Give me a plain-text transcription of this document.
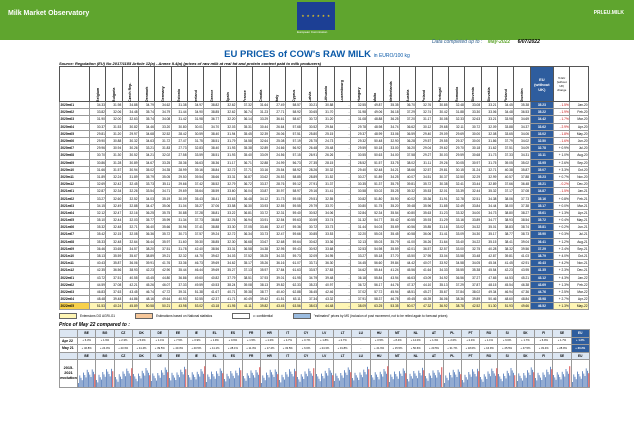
Milk Market Observatory	★ ★ ★ ★ ★ ★
European Commission
PRI.EU.MILK
Data completed up to : May-2022 6/07/2022
EU PRICES of COW's RAW MILK in EURO/100 kg
Source: Regulation (EU) No 2017/1185 Article 12(a) - Annex II.4(a) (prices of raw milk at real fat and protein content paid to milk producers)
	Belgium	Bulgaria	Czech Rep.	Denmark	Germany	Estonia	Ireland	Greece	Spain	France	Croatia	Italy	Cyprus	Latvia	Lithuania	Luxembourg	Hungary	Malta	Netherlands	Austria	Poland	Portugal	Romania	Slovenia	Slovakia	Finland	Sweden	EU
(without
UK)	% EU
(without
UK)
change	
2020m01	34.33	31.98	34.88	34.79	34.62	31.38	34.97	38.82	32.62	37.32	31.64	27.49	58.57	30.21	30.88	-	32.55	49.87	35.35	36.70	32.76	30.85	32.48	33.08	33.21	34.45	35.38	35.23	- 1.5%	Jan-20
2020m02	33.82	32.06	34.48	35.74	34.79	31.44	34.90	38.85	32.62	36.74	31.23	27.71	58.92	30.65	31.70	-	31.98	49.06	36.18	37.29	32.74	30.42	31.88	33.30	33.06	34.48	36.53	35.22	- 1.9%	Feb-20
2020m03	31.90	32.00	32.63	35.74	34.08	31.42	31.98	36.77	32.20	36.14	33.29	36.61	58.67	30.72	31.20	-	31.08	48.88	36.25	37.20	31.17	30.08	32.33	32.63	33.21	33.98	34.69	34.42	- 1.7%	Mar-20
2020m04	30.37	31.53	30.82	34.46	33.20	30.80	30.01	34.70	32.03	35.31	30.44	26.64	57.68	30.52	29.84	-	29.78	48.98	34.74	36.62	30.12	29.68	32.11	30.72	32.09	33.88	34.37	33.62	- 2.9%	Apr-20
2020m05	29.81	31.20	29.97	34.68	32.52	28.42	30.59	38.40	31.94	35.45	32.39	26.06	57.51	25.80	25.15	-	29.37	48.99	33.06	36.59	29.40	29.09	29.69	30.00	32.08	33.65	34.06	33.02	- 1.8%	May-20
2020m06	29.90	30.88	30.32	34.63	31.72	27.47	31.75	38.51	31.79	34.58	32.64	25.08	57.19	25.75	24.73	-	29.32	50.48	32.90	36.28	29.57	29.55	29.37	30.00	31.86	37.79	34.02	32.50	- 1.6%	Jun-20
2020m07	29.96	30.94	30.26	33.21	31.83	27.73	32.83	38.40	31.93	35.38	32.89	24.66	56.92	26.48	25.48	-	29.59	50.18	33.00	36.20	29.04	29.62	29.70	30.18	31.62	37.51	34.09	32.78	+ 0.9%	Jul-20
2020m08	30.70	31.30	30.52	34.21	32.02	27.58	33.59	38.51	31.93	35.40	33.09	24.56	57.15	26.91	26.26	-	30.55	50.63	34.00	37.58	29.27	30.03	29.59	30.68	31.73	37.33	34.31	33.11	+ 1.0%	Aug-20
2020m09	30.86	31.28	30.89	34.67	33.25	28.36	36.63	38.36	31.17	36.71	32.88	24.99	56.73	27.35	28.15	-	28.52	51.57	33.75	38.02	31.11	29.26	30.05	30.97	31.75	39.05	35.02	33.95	+ 2.6%	Sep-20
2020m10	31.66	31.57	30.94	35.02	34.35	28.99	39.16	38.84	32.72	37.71	33.16	25.54	58.92	28.26	30.32	-	29.40	52.48	34.21	38.66	32.57	29.81	30.15	31.24	32.71	40.38	35.87	35.07	+ 3.3%	Oct-20
2020m11	31.89	32.24	31.89	35.79	35.05	29.50	39.54	38.66	33.31	36.87	33.62	26.53	58.85	28.89	31.52	-	30.27	51.89	34.25	40.07	34.51	30.37	32.50	32.29	32.99	40.57	37.88	35.23	+ 0.7%	Nov-20
2020m12	32.69	32.42	32.45	33.73	35.11	29.66	37.42	38.52	32.79	36.72	33.37	28.76	59.12	27.91	31.37	-	30.35	51.37	35.75	39.81	35.72	30.38	32.41	33.44	32.89	37.66	36.48	35.21	- 0.2%	Dec-20
2021m01	32.87	32.34	32.26	33.54	34.71	29.69	35.64	38.59	33.60	36.04	33.87	30.97	58.97	29.16	31.41	-	30.58	53.02	35.25	39.32	35.53	32.01	33.39	32.44	35.32	37.17	37.08	34.87	- 1.5%	Jan-21
2021m02	33.27	32.60	32.52	34.03	35.19	30.09	35.43	38.41	33.63	36.48	34.12	31.73	59.08	29.51	32.55	-	30.82	51.80	35.90	40.02	35.36	31.91	32.78	32.51	34.38	38.06	37.73	35.16	+ 0.8%	Feb-21
2021m03	34.15	32.49	32.88	34.47	35.06	31.04	35.27	37.06	33.58	36.30	33.93	32.55	59.55	29.79	33.70	-	30.80	51.75	35.20	39.48	35.96	31.85	32.49	33.84	34.44	38.00	37.38	35.17	+ 0.0%	Mar-21
2021m04	32.12	32.47	32.16	36.25	35.75	30.88	37.28	38.81	33.22	36.81	33.72	32.31	59.40	30.52	34.06	-	32.84	52.34	35.54	40.80	35.63	31.23	33.32	34.00	34.73	38.80	38.27	35.61	+ 1.3%	Apr-21
2021m05	35.10	32.44	32.03	35.77	35.99	31.34	37.73	38.88	32.76	36.94	33.91	32.54	59.63	30.59	33.74	-	31.32	54.77	35.42	40.55	35.93	31.29	33.16	33.89	34.77	38.93	38.54	35.72	+ 0.4%	May-21
2021m06	35.32	32.48	32.71	36.40	35.66	30.96	37.41	38.88	33.30	37.05	33.46	32.47	59.36	30.72	33.73	-	31.44	54.03	35.69	40.56	35.85	31.16	33.02	34.32	35.01	38.83	38.74	35.81	+ 0.2%	Jun-21
2021m07	35.42	32.15	32.08	36.36	35.72	30.73	37.57	39.24	32.72	36.34	33.73	32.47	59.66	30.85	33.53	-	32.20	55.03	35.45	40.58	36.06	31.41	33.09	34.30	35.17	38.77	38.73	35.90	+ 0.3%	Jul-21
2021m08	35.33	32.48	32.64	36.44	35.97	31.60	39.30	38.85	32.30	36.68	33.67	32.68	59.64	30.62	33.36	-	32.13	55.03	35.79	41.00	36.26	31.64	33.40	34.22	35.15	38.41	39.04	36.41	+ 1.2%	Aug-21
2021m09	36.46	33.65	34.57	38.20	37.51	31.78	42.40	38.56	33.31	36.58	34.38	32.95	59.43	30.92	33.68	-	32.53	54.98	35.59	42.01	36.57	32.57	33.00	32.75	40.28	38.32	39.56	37.29	+ 2.4%	Sep-21
2021m10	38.13	35.59	35.67	38.89	39.21	32.32	44.70	39.62	34.03	37.52	35.25	34.33	59.73	32.09	34.95	-	33.27	55.18	37.70	43.50	37.95	33.04	33.58	33.48	42.87	39.81	41.03	38.79	+ 4.0%	Oct-21
2021m11	40.43	35.87	36.06	39.91	41.76	33.36	46.73	39.69	34.62	35.17	35.26	36.16	61.07	33.71	36.30	-	34.45	56.60	39.84	44.42	40.07	33.92	34.58	34.05	45.04	41.45	42.91	40.43	+ 4.2%	Nov-21
2021m12	42.35	36.56	38.93	42.23	42.90	35.44	46.44	39.69	35.27	37.13	35.97	37.84	61.63	33.57	37.83	-	34.62	55.44	41.24	45.56	41.64	34.33	35.55	35.38	45.54	42.23	43.95	41.35	+ 2.3%	Dec-21
2022m01	43.72	37.51	40.55	43.45	44.80	36.86	49.60	40.82	37.79	38.51	37.93	39.01	61.95	34.79	39.48	-	36.18	55.84	43.94	46.63	43.09	34.92	36.56	37.27	47.65	44.53	45.21	43.12	+ 4.3%	Jan-22
2022m02	44.59	37.08	42.21	45.26	46.07	37.33	49.59	40.53	38.24	39.08	38.13	39.82	62.33	35.23	40.97	-	36.72	56.17	44.76	47.37	44.10	35.13	37.29	37.87	48.15	45.54	46.38	43.69	+ 1.3%	Feb-22
2022m03	46.83	37.63	43.45	46.74	47.72	39.31	51.38	41.67	40.71	39.38	38.77	40.40	62.88	36.45	42.46	-	37.02	57.72	45.94	48.51	45.27	35.67	37.84	38.02	49.34	46.94	47.36	44.76	+ 2.5%	Mar-22
2022m04	48.48	39.48	44.86	48.16	49.64	40.93	52.55	42.37	41.71	40.49	39.42	41.51	63.11	37.34	43.32	-	37.91	58.37	46.78	49.45	46.39	36.06	38.36	39.89	50.46	48.60	48.84	45.98	+ 2.7%	Apr-22
2022m05	51.53	40.24	45.89	50.58	50.21	43.98	53.02	43.18	41.95	41.11	39.82	43.45	63.56	38.03	44.48	-	38.09	63.25	53.35	50.07	47.32	36.92	38.78	42.52	51.30	51.93	49.66	46.52	+ 1.3%	May-22
Extensions DG AGRI-G1	Estimations based on National statistics	c: confidential	"estimated" prices by MS (inclusion of post movement, not to be relied again to forecast prices)
Price of May 22 compared to :
	BE	BG	CZ	DK	DE	EE	IE	EL	ES	FR	HR	IT	CY	LV	LT	LU	HU	MT	NL	AT	PL	PT	RO	SI	SK	FI	SE	EU
Apr 22	+ 6.3%	+ 1.9%	+ 2.3%	+ 5.0%	+ 1.1%	+ 7.5%	+ 0.9%	+ 1.9%	+ 0.6%	+ 1.5%	+ 1.0%	+ 4.7%	+ 0.7%	+ 1.8%	+ 2.7%	-	+ 0.5%	+ 8.4%	+ 14.0%	+ 1.3%	+ 2.0%	+ 2.4%	+ 1.1%	+ 6.6%	+ 1.7%	+ 6.9%	+ 1.7%	+ 1.2%
May 21	+ 46.8%	+ 24.0%	+ 43.3%	+ 41.4%	+ 39.5%	+ 40.3%	+ 40.5%	+ 11.1%	+ 28.1%	+ 11.3%	+ 17.4%	+ 33.5%	+ 6.6%	+ 24.3%	+ 31.8%	-	+ 21.6%	+ 15.5%	+ 50.6%	+ 23.5%	+ 31.7%	+ 18.0%	+ 16.9%	+ 25.5%	+ 47.5%	+ 33.4%	+ 28.9%	+ 30.2%
	BE	BG	CZ	DK	DE	EE	IE	EL	ES	FR	HR	IT	CY	LV	LT	LU	HU	MT	NL	AT	PL	PT	RO	SI	SK	FI	SE	EU
2015-
2021
evolution	
